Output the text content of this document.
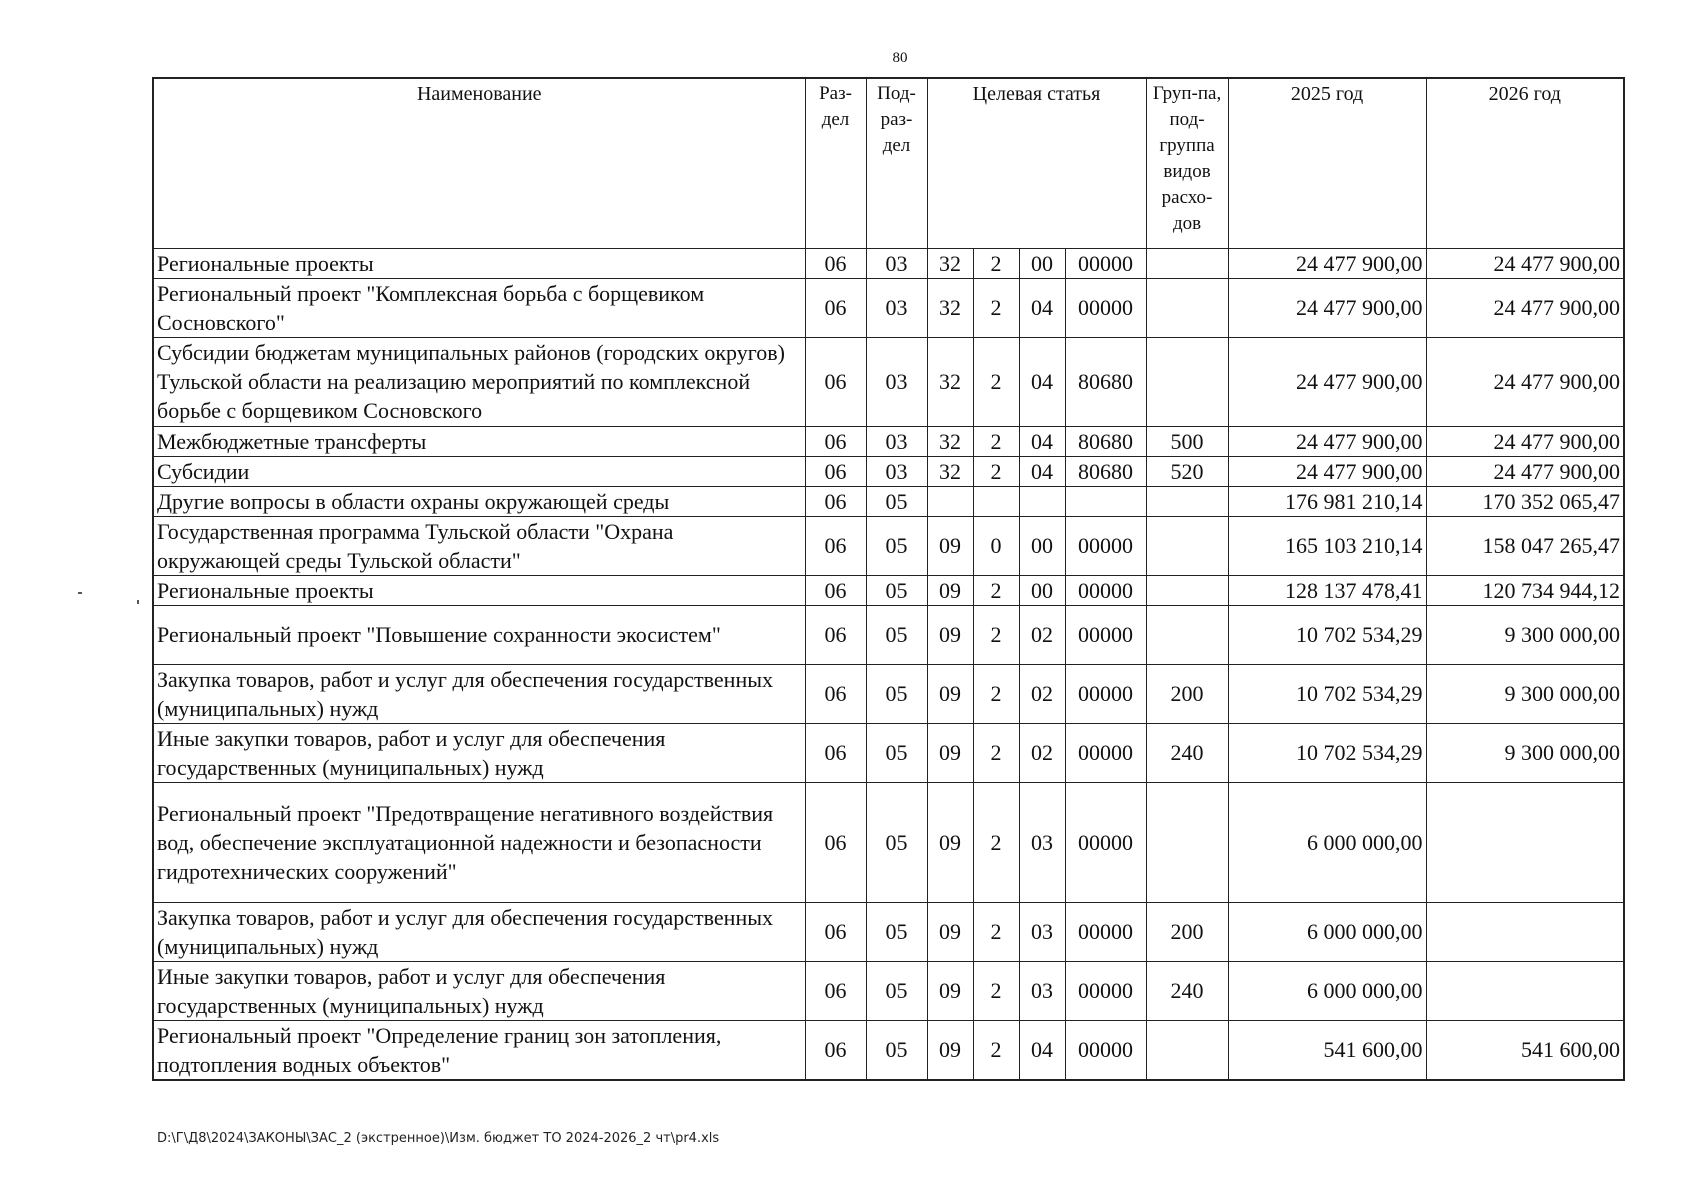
80
Наименование	Раз-дел	Под-раз-дел	Целевая статья				Груп-па, под-группа видов расхо-дов	2025 год	2026 год
Региональные проекты	06	03	32	2	00	00000		24 477 900,00	24 477 900,00
Региональный проект "Комплексная борьба с борщевиком Сосновского"	06	03	32	2	04	00000		24 477 900,00	24 477 900,00
Субсидии бюджетам муниципальных районов (городских округов) Тульской области на реализацию мероприятий по комплексной борьбе с борщевиком Сосновского	06	03	32	2	04	80680		24 477 900,00	24 477 900,00
Межбюджетные трансферты	06	03	32	2	04	80680	500	24 477 900,00	24 477 900,00
Субсидии	06	03	32	2	04	80680	520	24 477 900,00	24 477 900,00
Другие вопросы в области охраны окружающей среды	06	05						176 981 210,14	170 352 065,47
Государственная программа Тульской области "Охрана окружающей среды Тульской области"	06	05	09	0	00	00000		165 103 210,14	158 047 265,47
Региональные проекты	06	05	09	2	00	00000		128 137 478,41	120 734 944,12
Региональный проект "Повышение сохранности экосистем"	06	05	09	2	02	00000		10 702 534,29	9 300 000,00
Закупка товаров, работ и услуг для обеспечения государственных (муниципальных) нужд	06	05	09	2	02	00000	200	10 702 534,29	9 300 000,00
Иные закупки товаров, работ и услуг для обеспечения государственных (муниципальных) нужд	06	05	09	2	02	00000	240	10 702 534,29	9 300 000,00
Региональный проект "Предотвращение негативного воздействия вод, обеспечение эксплуатационной надежности и безопасности гидротехнических сооружений"	06	05	09	2	03	00000		6 000 000,00	
Закупка товаров, работ и услуг для обеспечения государственных (муниципальных) нужд	06	05	09	2	03	00000	200	6 000 000,00	
Иные закупки товаров, работ и услуг для обеспечения государственных (муниципальных) нужд	06	05	09	2	03	00000	240	6 000 000,00	
Региональный проект "Определение границ зон затопления, подтопления водных объектов"	06	05	09	2	04	00000		541 600,00	541 600,00
D:\Г\Д8\2024\ЗАКОНЫ\ЗАС_2 (экстренное)\Изм. бюджет ТО 2024-2026_2 чт\pr4.xls
